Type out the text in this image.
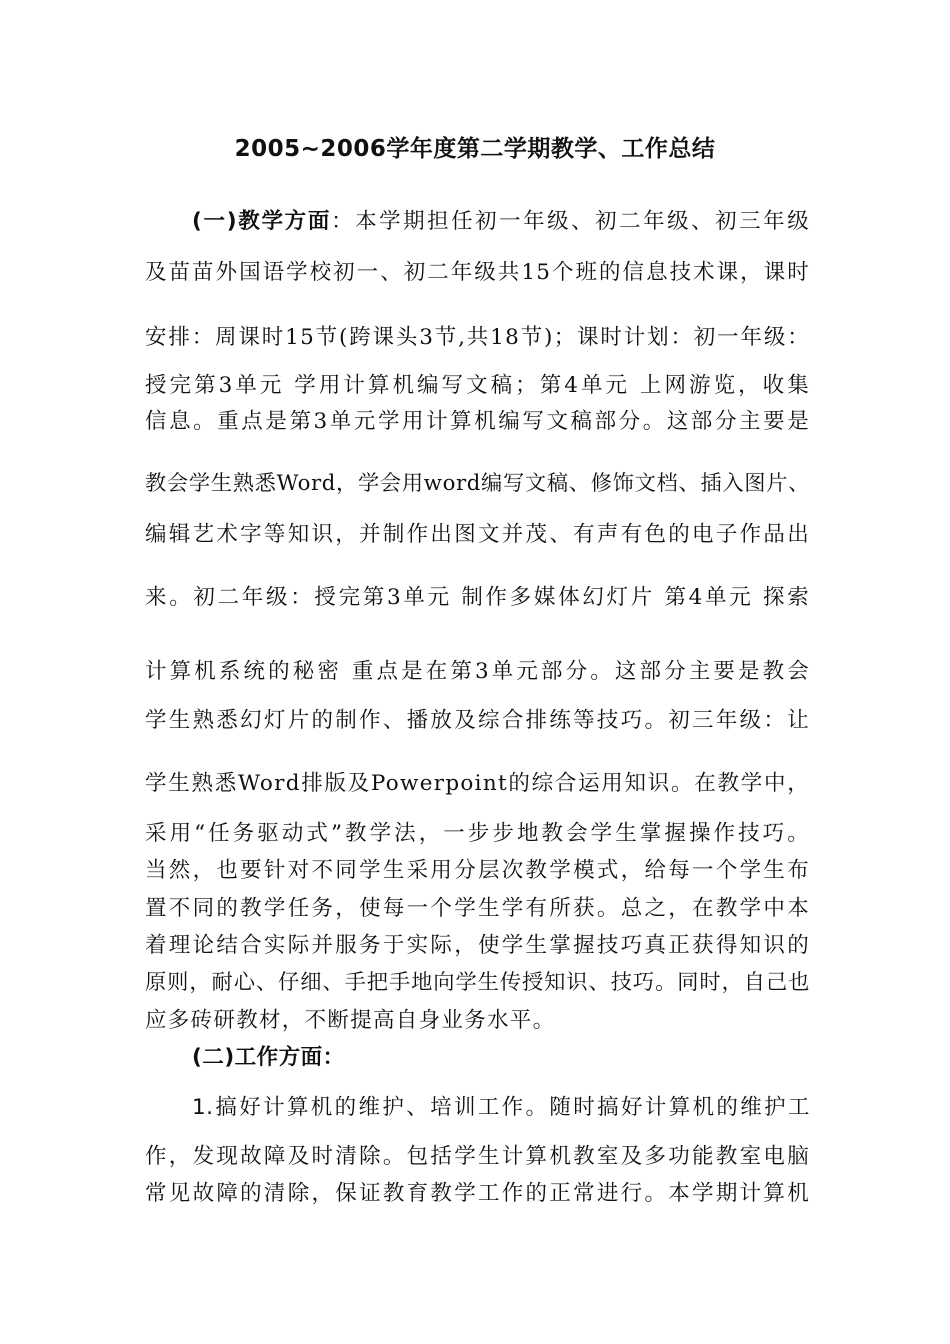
2005~2006学年度第二学期教学、工作总结
(一)教学方面：本学期担任初一年级、初二年级、初三年级
及苗苗外国语学校初一、初二年级共15个班的信息技术课，课时
安排：周课时15节(跨课头3节,共18节)；课时计划：初一年级：
授完第3单元 学用计算机编写文稿；第4单元 上网游览，收集
信息。重点是第3单元学用计算机编写文稿部分。这部分主要是
教会学生熟悉Word，学会用word编写文稿、修饰文档、插入图片、
编辑艺术字等知识，并制作出图文并茂、有声有色的电子作品出
来。初二年级：授完第3单元 制作多媒体幻灯片 第4单元 探索
计算机系统的秘密 重点是在第3单元部分。这部分主要是教会
学生熟悉幻灯片的制作、播放及综合排练等技巧。初三年级：让
学生熟悉Word排版及Powerpoint的综合运用知识。在教学中，
采用“任务驱动式”教学法，一步步地教会学生掌握操作技巧。
当然，也要针对不同学生采用分层次教学模式，给每一个学生布
置不同的教学任务，使每一个学生学有所获。总之，在教学中本
着理论结合实际并服务于实际，使学生掌握技巧真正获得知识的
原则，耐心、仔细、手把手地向学生传授知识、技巧。同时，自己也
应多砖研教材，不断提高自身业务水平。
(二)工作方面：
1.搞好计算机的维护、培训工作。随时搞好计算机的维护工
作，发现故障及时清除。包括学生计算机教室及多功能教室电脑
常见故障的清除，保证教育教学工作的正常进行。本学期计算机
